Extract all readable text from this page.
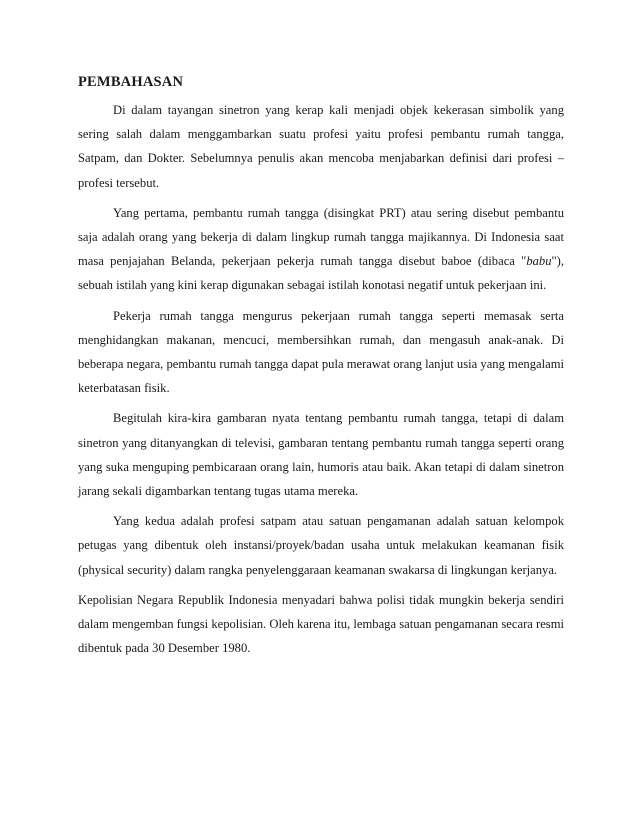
PEMBAHASAN

Di dalam tayangan sinetron yang kerap kali menjadi objek kekerasan simbolik yang sering salah dalam menggambarkan suatu profesi yaitu profesi pembantu rumah tangga, Satpam, dan Dokter. Sebelumnya penulis akan mencoba menjabarkan definisi dari profesi – profesi tersebut.

Yang pertama, pembantu rumah tangga (disingkat PRT) atau sering disebut pembantu saja adalah orang yang bekerja di dalam lingkup rumah tangga majikannya. Di Indonesia saat masa penjajahan Belanda, pekerjaan pekerja rumah tangga disebut baboe (dibaca "babu"), sebuah istilah yang kini kerap digunakan sebagai istilah konotasi negatif untuk pekerjaan ini.

Pekerja rumah tangga mengurus pekerjaan rumah tangga seperti memasak serta menghidangkan makanan, mencuci, membersihkan rumah, dan mengasuh anak-anak. Di beberapa negara, pembantu rumah tangga dapat pula merawat orang lanjut usia yang mengalami keterbatasan fisik.

Begitulah kira-kira gambaran nyata tentang pembantu rumah tangga, tetapi di dalam sinetron yang ditanyangkan di televisi, gambaran tentang pembantu rumah tangga seperti orang yang suka menguping pembicaraan orang lain, humoris atau baik. Akan tetapi di dalam sinetron jarang sekali digambarkan tentang tugas utama mereka.

Yang kedua adalah profesi satpam atau satuan pengamanan adalah satuan kelompok petugas yang dibentuk oleh instansi/proyek/badan usaha untuk melakukan keamanan fisik (physical security) dalam rangka penyelenggaraan keamanan swakarsa di lingkungan kerjanya.

Kepolisian Negara Republik Indonesia menyadari bahwa polisi tidak mungkin bekerja sendiri dalam mengemban fungsi kepolisian. Oleh karena itu, lembaga satuan pengamanan secara resmi dibentuk pada 30 Desember 1980.
